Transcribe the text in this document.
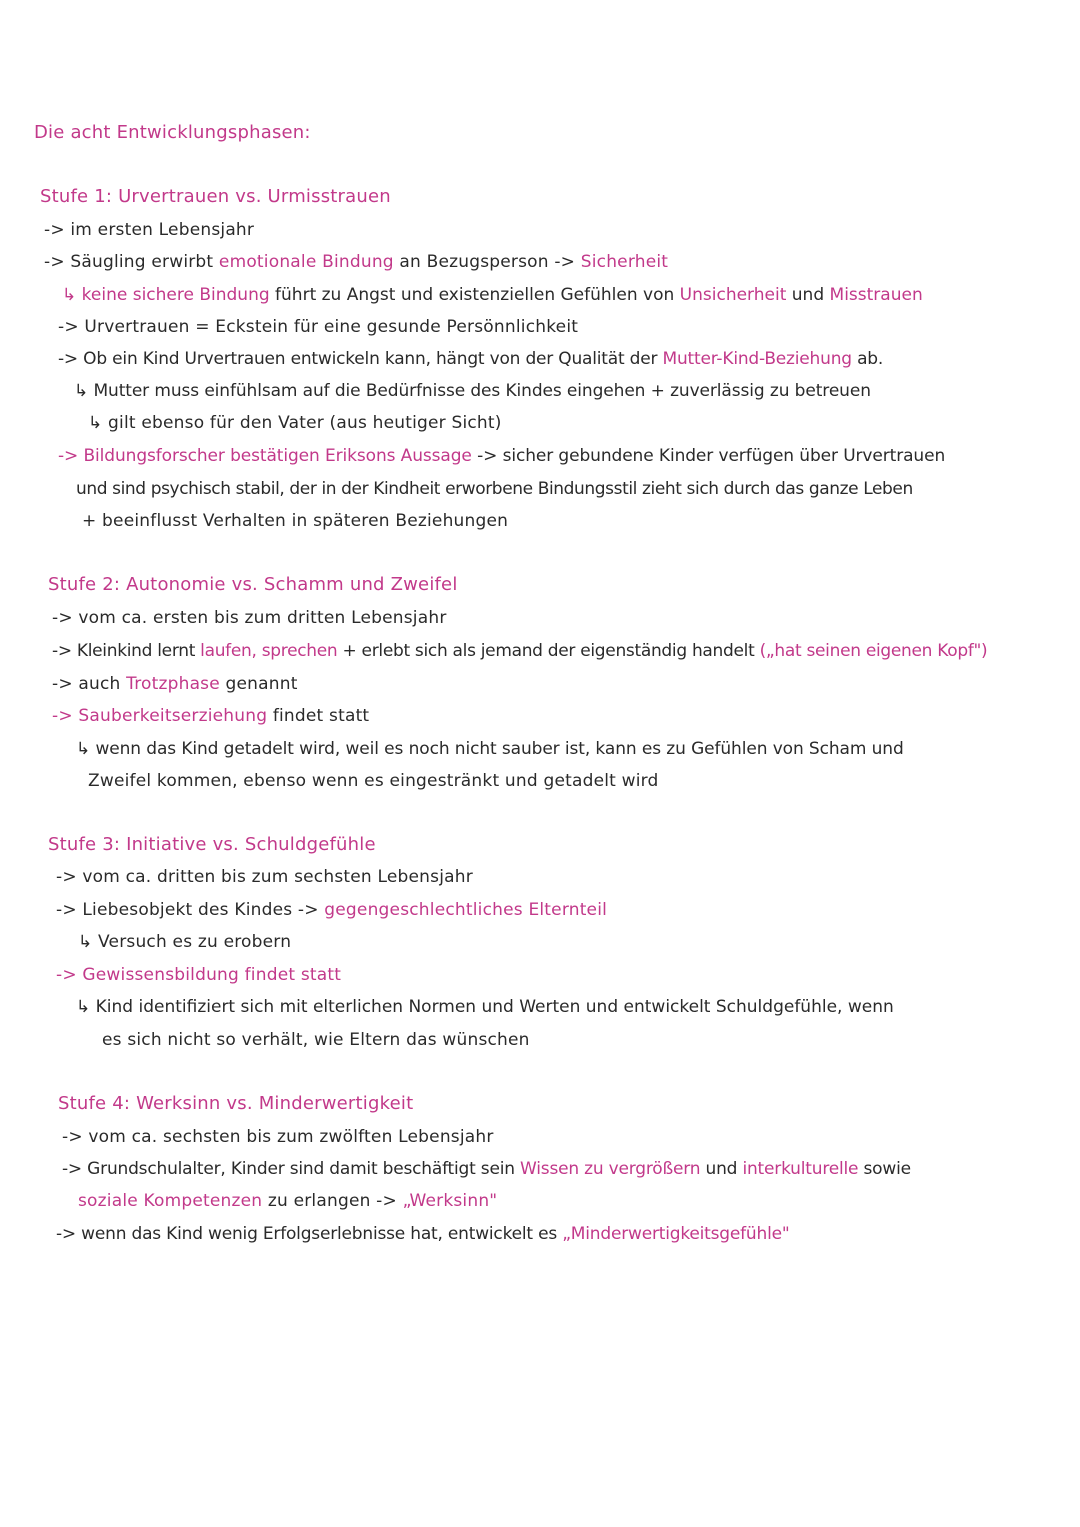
Die acht Entwicklungsphasen:
Stufe 1: Urvertrauen vs. Urmisstrauen
-> im ersten Lebensjahr
-> Säugling erwirbt emotionale Bindung an Bezugsperson -> Sicherheit
↳ keine sichere Bindung führt zu Angst und existenziellen Gefühlen von Unsicherheit und Misstrauen
-> Urvertrauen = Eckstein für eine gesunde Persönnlichkeit
-> Ob ein Kind Urvertrauen entwickeln kann, hängt von der Qualität der Mutter-Kind-Beziehung ab.
↳ Mutter muss einfühlsam auf die Bedürfnisse des Kindes eingehen + zuverlässig zu betreuen
↳ gilt ebenso für den Vater (aus heutiger Sicht)
-> Bildungsforscher bestätigen Eriksons Aussage -> sicher gebundene Kinder verfügen über Urvertrauen
und sind psychisch stabil, der in der Kindheit erworbene Bindungsstil zieht sich durch das ganze Leben
+ beeinflusst Verhalten in späteren Beziehungen
Stufe 2: Autonomie vs. Schamm und Zweifel
-> vom ca. ersten bis zum dritten Lebensjahr
-> Kleinkind lernt laufen, sprechen + erlebt sich als jemand der eigenständig handelt („hat seinen eigenen Kopf")
-> auch Trotzphase genannt
-> Sauberkeitserziehung findet statt
↳ wenn das Kind getadelt wird, weil es noch nicht sauber ist, kann es zu Gefühlen von Scham und
Zweifel kommen, ebenso wenn es eingestränkt und getadelt wird
Stufe 3: Initiative vs. Schuldgefühle
-> vom ca. dritten bis zum sechsten Lebensjahr
-> Liebesobjekt des Kindes -> gegengeschlechtliches Elternteil
↳ Versuch es zu erobern
-> Gewissensbildung findet statt
↳ Kind identifiziert sich mit elterlichen Normen und Werten und entwickelt Schuldgefühle, wenn
es sich nicht so verhält, wie Eltern das wünschen
Stufe 4: Werksinn vs. Minderwertigkeit
-> vom ca. sechsten bis zum zwölften Lebensjahr
-> Grundschulalter, Kinder sind damit beschäftigt sein Wissen zu vergrößern und interkulturelle sowie
soziale Kompetenzen zu erlangen -> „Werksinn"
-> wenn das Kind wenig Erfolgserlebnisse hat, entwickelt es „Minderwertigkeitsgefühle"
